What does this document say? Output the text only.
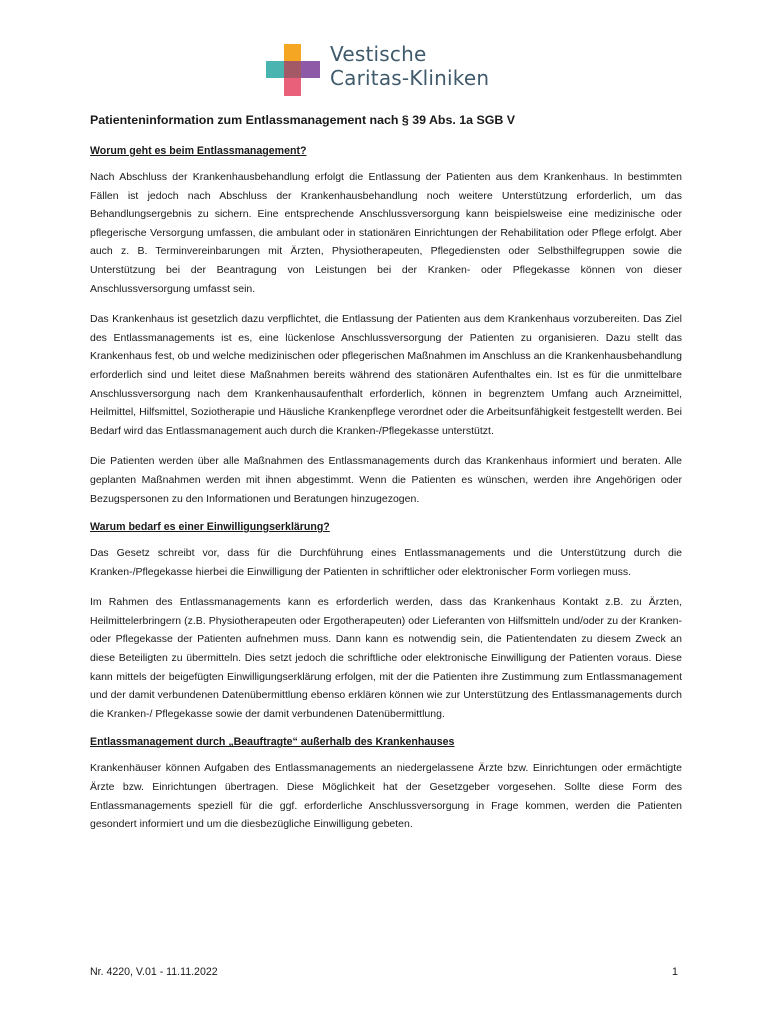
Vestische
Caritas-Kliniken
Patienteninformation zum Entlassmanagement nach § 39 Abs. 1a SGB V
Worum geht es beim Entlassmanagement?

Nach Abschluss der Krankenhausbehandlung erfolgt die Entlassung der Patienten aus dem Krankenhaus. In bestimmten Fällen ist jedoch nach Abschluss der Krankenhausbehandlung noch weitere Unterstützung erforderlich, um das Behandlungsergebnis zu sichern. Eine entsprechende Anschlussversorgung kann beispielsweise eine medizinische oder pflegerische Versorgung umfassen, die ambulant oder in stationären Einrichtungen der Rehabilitation oder Pflege erfolgt. Aber auch z. B. Terminvereinbarungen mit Ärzten, Physiotherapeuten, Pflegediensten oder Selbsthilfegruppen sowie die Unterstützung bei der Beantragung von Leistungen bei der Kranken- oder Pflegekasse können von dieser Anschlussversorgung umfasst sein.

Das Krankenhaus ist gesetzlich dazu verpflichtet, die Entlassung der Patienten aus dem Krankenhaus vorzubereiten. Das Ziel des Entlassmanagements ist es, eine lückenlose Anschlussversorgung der Patienten zu organisieren. Dazu stellt das Krankenhaus fest, ob und welche medizinischen oder pflegerischen Maßnahmen im Anschluss an die Krankenhausbehandlung erforderlich sind und leitet diese Maßnahmen bereits während des stationären Aufenthaltes ein. Ist es für die unmittelbare Anschlussversorgung nach dem Krankenhausaufenthalt erforderlich, können in begrenztem Umfang auch Arzneimittel, Heilmittel, Hilfsmittel, Soziotherapie und Häusliche Krankenpflege verordnet oder die Arbeitsunfähigkeit festgestellt werden. Bei Bedarf wird das Entlassmanagement auch durch die Kranken-/Pflegekasse unterstützt.

Die Patienten werden über alle Maßnahmen des Entlassmanagements durch das Krankenhaus informiert und beraten. Alle geplanten Maßnahmen werden mit ihnen abgestimmt. Wenn die Patienten es wünschen, werden ihre Angehörigen oder Bezugspersonen zu den Informationen und Beratungen hinzugezogen.

Warum bedarf es einer Einwilligungserklärung?

Das Gesetz schreibt vor, dass für die Durchführung eines Entlassmanagements und die Unterstützung durch die Kranken-/Pflegekasse hierbei die Einwilligung der Patienten in schriftlicher oder elektronischer Form vorliegen muss.

Im Rahmen des Entlassmanagements kann es erforderlich werden, dass das Krankenhaus Kontakt z.B. zu Ärzten, Heilmittelerbringern (z.B. Physiotherapeuten oder Ergotherapeuten) oder Lieferanten von Hilfsmitteln und/oder zu der Kranken- oder Pflegekasse der Patienten aufnehmen muss. Dann kann es notwendig sein, die Patientendaten zu diesem Zweck an diese Beteiligten zu übermitteln. Dies setzt jedoch die schriftliche oder elektronische Einwilligung der Patienten voraus. Diese kann mittels der beigefügten Einwilligungserklärung erfolgen, mit der die Patienten ihre Zustimmung zum Entlassmanagement und der damit verbundenen Datenübermittlung ebenso erklären können wie zur Unterstützung des Entlassmanagements durch die Kranken-/ Pflegekasse sowie der damit verbundenen Datenübermittlung.

Entlassmanagement durch „Beauftragte“ außerhalb des Krankenhauses

Krankenhäuser können Aufgaben des Entlassmanagements an niedergelassene Ärzte bzw. Einrichtungen oder ermächtigte Ärzte bzw. Einrichtungen übertragen. Diese Möglichkeit hat der Gesetzgeber vorgesehen. Sollte diese Form des Entlassmanagements speziell für die ggf. erforderliche Anschlussversorgung in Frage kommen, werden die Patienten gesondert informiert und um die diesbezügliche Einwilligung gebeten.

Nr. 4220, V.01 - 11.11.2022	1
